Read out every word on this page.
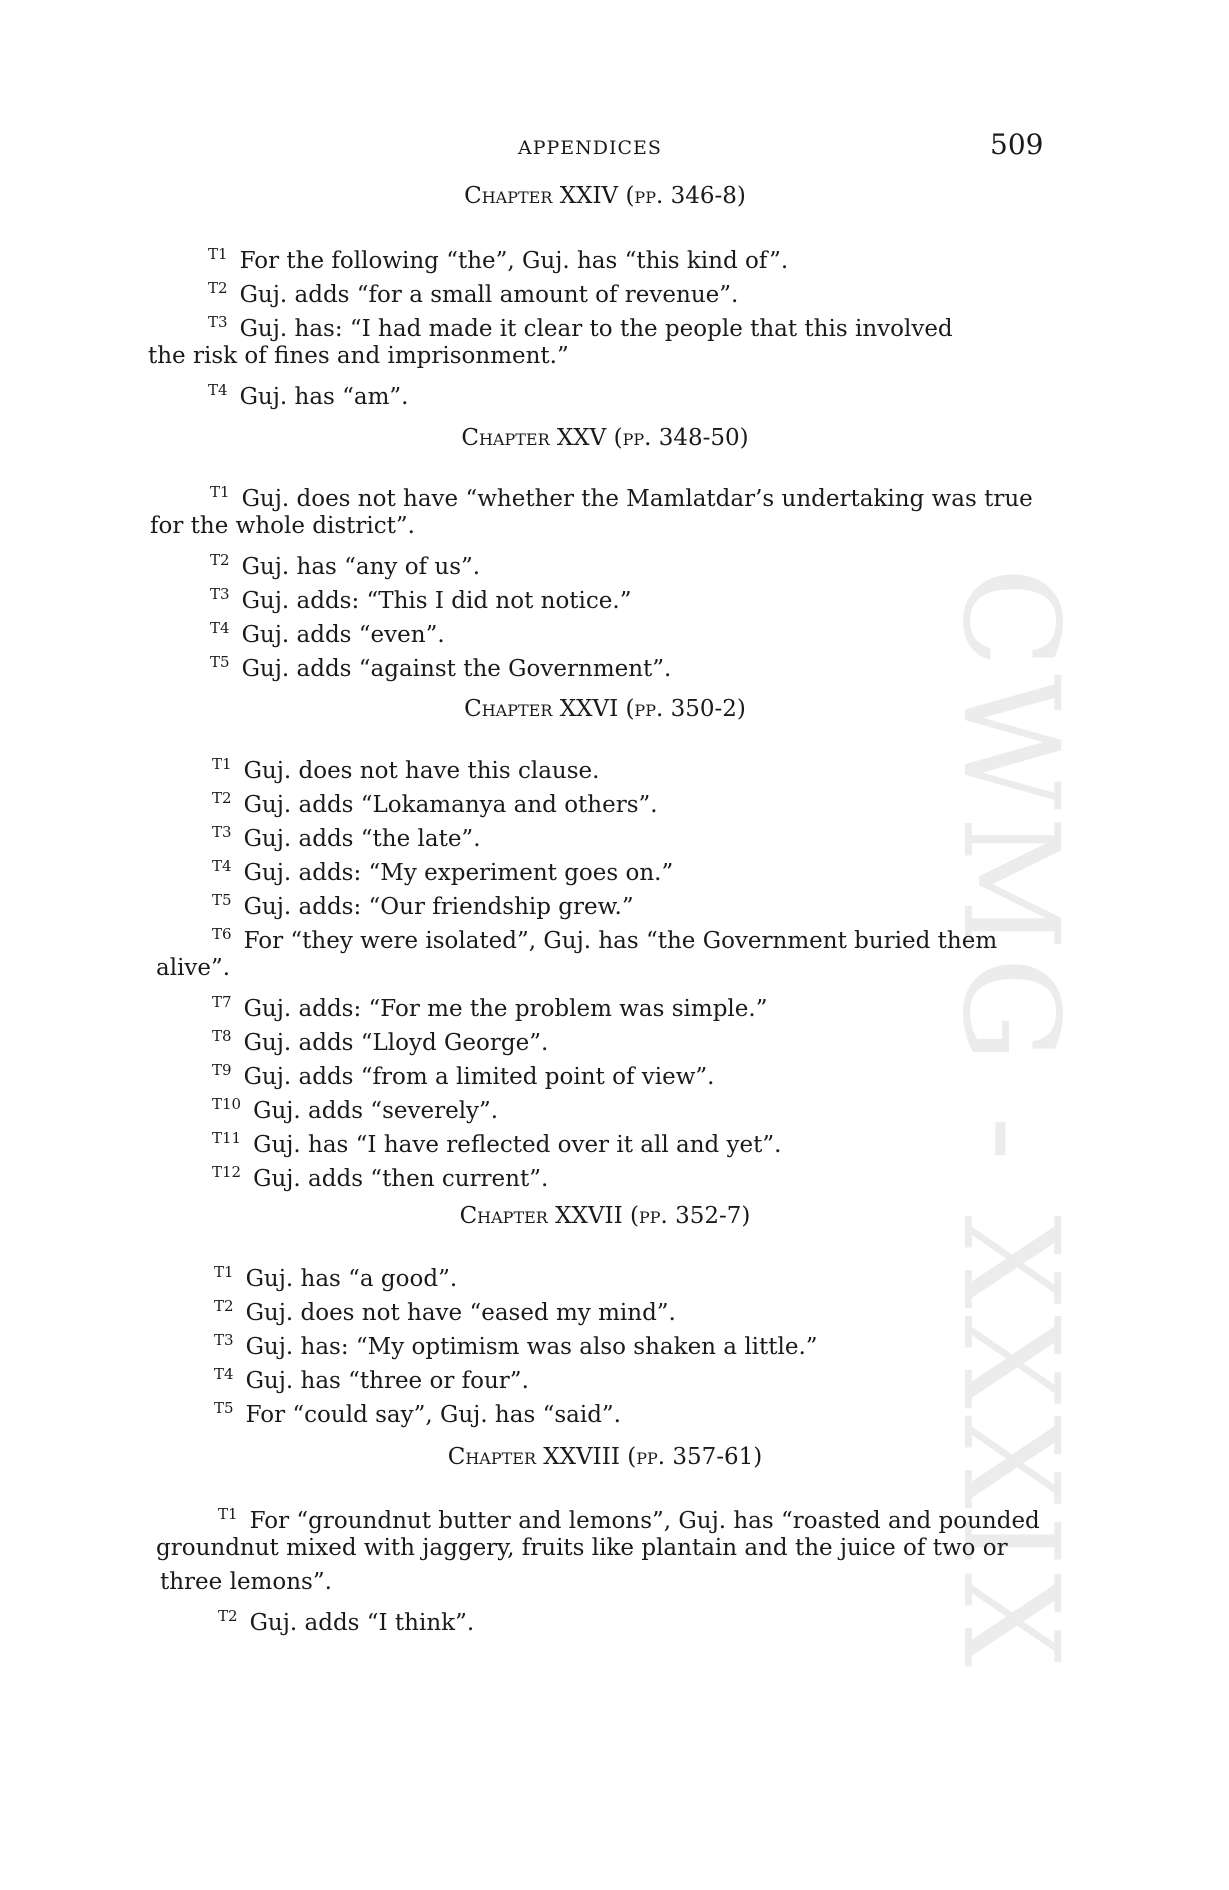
APPENDICES	509
CWMG - XXXIX
Chapter XXIV (pp. 346-8)
$^{T1}$ For the following “the”, Guj. has “this kind of”.
$^{T2}$ Guj. adds “for a small amount of revenue”.
$^{T3}$ Guj. has: “I had made it clear to the people that this involved
the risk of fines and imprisonment.”
$^{T4}$ Guj. has “am”.
Chapter XXV (pp. 348-50)
$^{T1}$ Guj. does not have “whether the Mamlatdar’s undertaking was true
for the whole district”.
$^{T2}$ Guj. has “any of us”.
$^{T3}$ Guj. adds: “This I did not notice.”
$^{T4}$ Guj. adds “even”.
$^{T5}$ Guj. adds “against the Government”.
Chapter XXVI (pp. 350-2)
$^{T1}$ Guj. does not have this clause.
$^{T2}$ Guj. adds “Lokamanya and others”.
$^{T3}$ Guj. adds “the late”.
$^{T4}$ Guj. adds: “My experiment goes on.”
$^{T5}$ Guj. adds: “Our friendship grew.”
$^{T6}$ For “they were isolated”, Guj. has “the Government buried them
alive”.
$^{T7}$ Guj. adds: “For me the problem was simple.”
$^{T8}$ Guj. adds “Lloyd George”.
$^{T9}$ Guj. adds “from a limited point of view”.
$^{T10}$ Guj. adds “severely”.
$^{T11}$ Guj. has “I have reflected over it all and yet”.
$^{T12}$ Guj. adds “then current”.
Chapter XXVII (pp. 352-7)
$^{T1}$ Guj. has “a good”.
$^{T2}$ Guj. does not have “eased my mind”.
$^{T3}$ Guj. has: “My optimism was also shaken a little.”
$^{T4}$ Guj. has “three or four”.
$^{T5}$ For “could say”, Guj. has “said”.
Chapter XXVIII (pp. 357-61)
$^{T1}$ For “groundnut butter and lemons”, Guj. has “roasted and pounded
groundnut mixed with jaggery, fruits like plantain and the juice of two or
three lemons”.
$^{T2}$ Guj. adds “I think”.
